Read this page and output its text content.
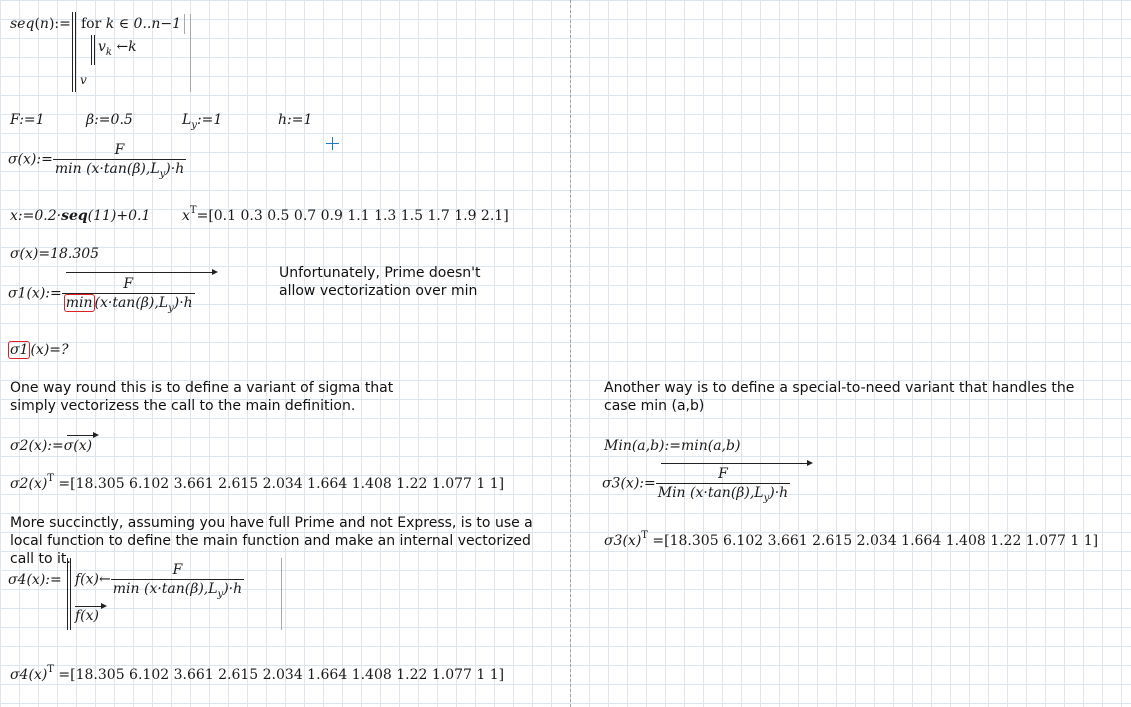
seq(n):= for k ∈ 0..n−1
$v_k$ ←k
v
F:=1	β:=0.5	$L_y:=1$	h:=1
σ(x):= $\frac{F}{\min (x\cdot\tan(\beta),L_y)\cdot h}$
x:=0.2·seq(11)+0.1 $x^T=[0.1$ 0.3 0.5 0.7 0.9 1.1 1.3 1.5 1.7 1.9 2.1]
σ(x)=18.305
σ1(x):= $\frac{F}{\min (x\cdot\tan(\beta),L_y)\cdot h}$
Unfortunately, Prime doesn't allow vectorization over min
σ1 (x)=?
One way round this is to define a variant of sigma that simply vectorizess the call to the main definition.
σ2(x):=σ(x)
$\sigma 2(x)^T =[18.305$ 6.102 3.661 2.615 2.034 1.664 1.408 1.22 1.077 1 1]
More succinctly, assuming you have full Prime and not Express, is to use a local function to define the main function and make an internal vectorized call to it.
σ4(x):= f(x)← $\frac{F}{\min (x\cdot\tan(\beta),L_y)\cdot h}$
f(x)
$\sigma 4(x)^T =[18.305$ 6.102 3.661 2.615 2.034 1.664 1.408 1.22 1.077 1 1]
Another way is to define a special-to-need variant that handles the case min (a,b)
Min(a,b):=min(a,b)
σ3(x):= $\frac{F}{Min (x\cdot\tan(\beta),L_y)\cdot h}$
$\sigma 3(x)^T =[18.305$ 6.102 3.661 2.615 2.034 1.664 1.408 1.22 1.077 1 1]
